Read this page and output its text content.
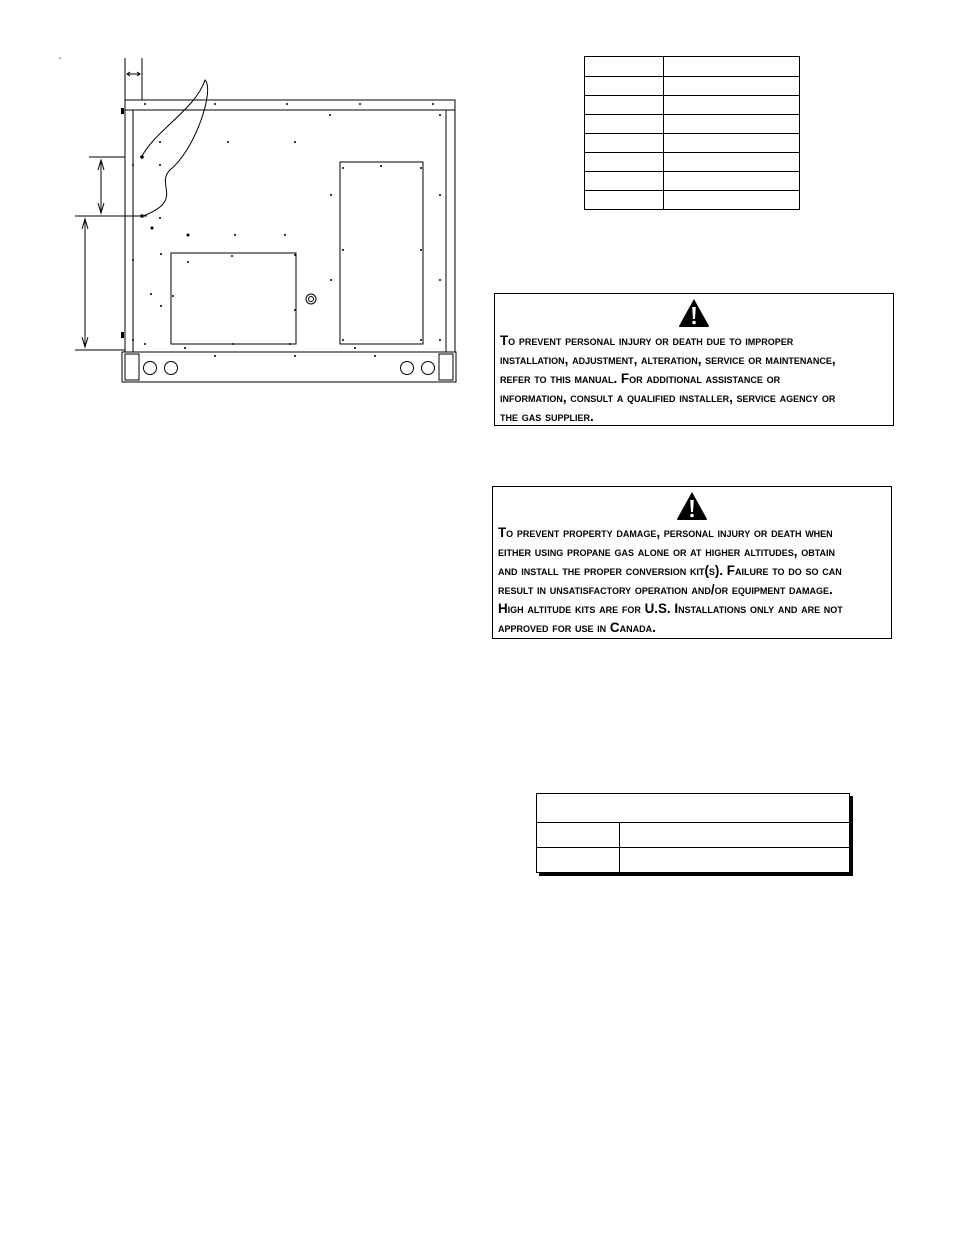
To prevent personal injury or death due to improper
installation, adjustment, alteration, service or maintenance,
refer to this manual. For additional assistance or
information, consult a qualified installer, service agency or
the gas supplier.
To prevent property damage, personal injury or death when
either using propane gas alone or at higher altitudes, obtain
and install the proper conversion kit(s). Failure to do so can
result in unsatisfactory operation and/or equipment damage.
High altitude kits are for U.S. Installations only and are not
approved for use in Canada.
